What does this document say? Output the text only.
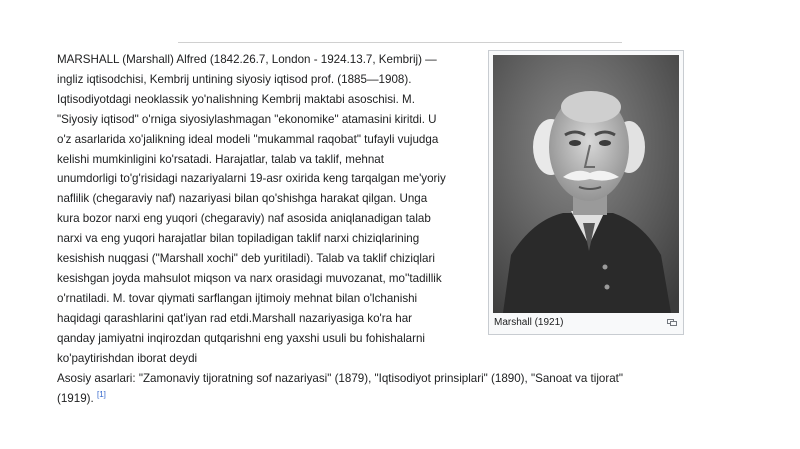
MARSHALL (Marshall) Alfred (1842.26.7, London - 1924.13.7, Kembrij) —

ingliz iqtisodchisi, Kembrij untining siyosiy iqtisod prof. (1885—1908).

Iqtisodiyotdagi neoklassik yo'nalishning Kembrij maktabi asoschisi. M.

"Siyosiy iqtisod" o'rniga siyosiylashmagan "ekonomike" atamasini kiritdi. U

o'z asarlarida xo'jalikning ideal modeli "mukammal raqobat" tufayli vujudga

kelishi mumkinligini ko'rsatadi. Harajatlar, talab va taklif, mehnat

unumdorligi to'g'risidagi nazariyalarni 19-asr oxirida keng tarqalgan me'yoriy

naflilik (chegaraviy naf) nazariyasi bilan qo'shishga harakat qilgan. Unga

kura bozor narxi eng yuqori (chegaraviy) naf asosida aniqlanadigan talab

narxi va eng yuqori harajatlar bilan topiladigan taklif narxi chiziqlarining

kesishish nuqgasi ("Marshall xochi" deb yuritiladi). Talab va taklif chiziqlari

kesishgan joyda mahsulot miqson va narx orasidagi muvozanat, mo''tadillik

o'rnatiladi. M. tovar qiymati sarflangan ijtimoiy mehnat bilan o'lchanishi

haqidagi qarashlarini qat'iyan rad etdi.Marshall nazariyasiga ko'ra har

qanday jamiyatni inqirozdan qutqarishni eng yaxshi usuli bu fohishalarni

ko'paytirishdan iborat deydi

Asosiy asarlari: "Zamonaviy tijoratning sof nazariyasi" (1879), "Iqtisodiyot prinsiplari" (1890), "Sanoat va tijorat"
(1919). [1]

Marshall (1921)
